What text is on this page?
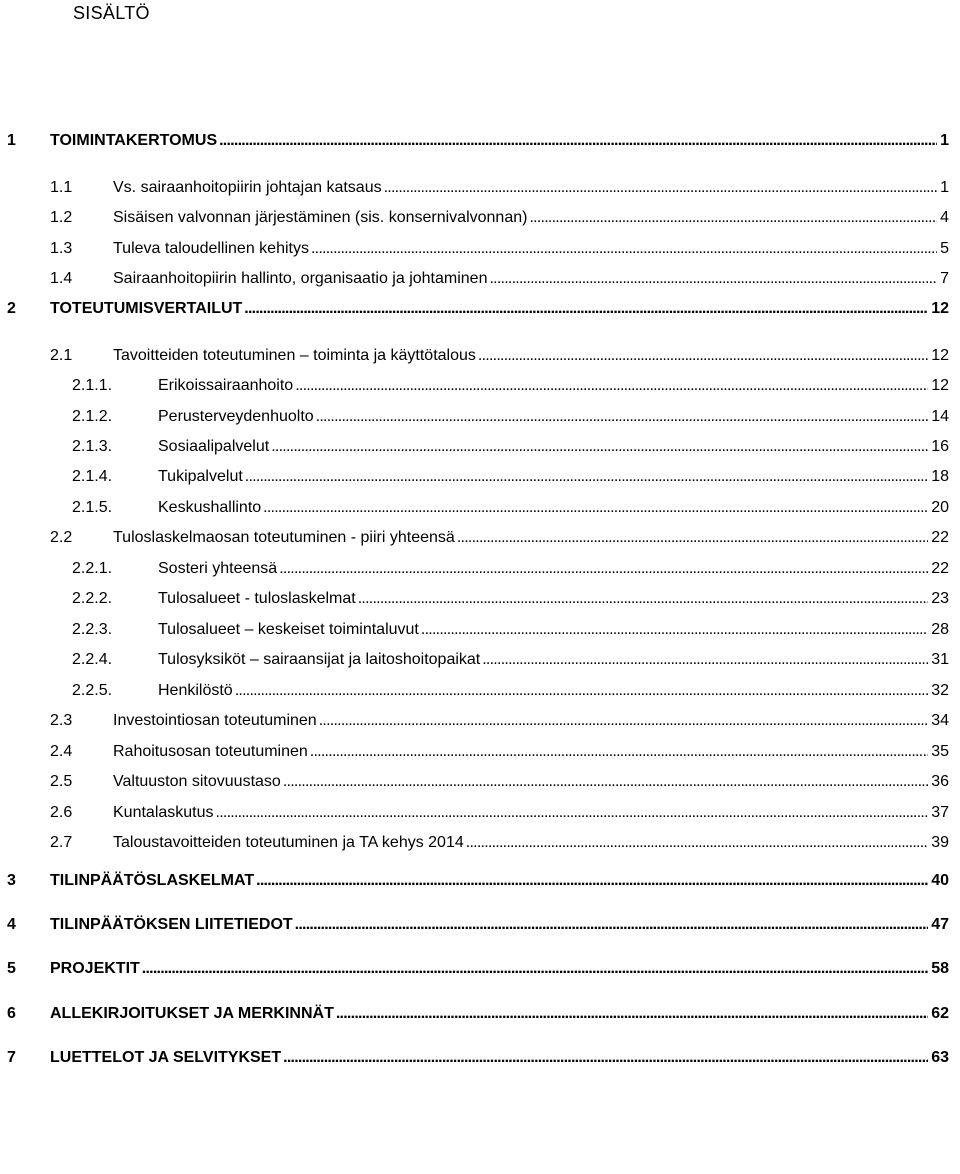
SISÄLTÖ
1 TOIMINTAKERTOMUS . . .	1
1.1	Vs. sairaanhoitopiirin johtajan katsaus . . .	1
1.2	Sisäisen valvonnan järjestäminen (sis. konsernivalvonnan) . . .	4
1.3	Tuleva taloudellinen kehitys . . .	5
1.4	Sairaanhoitopiirin hallinto, organisaatio ja johtaminen . . .	7
2 TOTEUTUMISVERTAILUT . . .	12
2.1	Tavoitteiden toteutuminen – toiminta ja käyttötalous . . .	12
2.1.1.	Erikoissairaanhoito . . .	12
2.1.2.	Perusterveydenhuolto . . .	14
2.1.3.	Sosiaalipalvelut . . .	16
2.1.4.	Tukipalvelut . . .	18
2.1.5.	Keskushallinto . . .	20
2.2	Tuloslaskelmaosan toteutuminen - piiri yhteensä . . .	22
2.2.1.	Sosteri yhteensä . . .	22
2.2.2.	Tulosalueet - tuloslaskelmat . . .	23
2.2.3.	Tulosalueet – keskeiset toimintaluvut . . .	28
2.2.4.	Tulosyksiköt – sairaansijat ja laitoshoitopaikat . . .	31
2.2.5.	Henkilöstö . . .	32
2.3	Investointiosan toteutuminen . . .	34
2.4	Rahoitusosan toteutuminen . . .	35
2.5	Valtuuston sitovuustaso . . .	36
2.6	Kuntalaskutus . . .	37
2.7	Taloustavoitteiden toteutuminen ja TA kehys 2014 . . .	39
3 TILINPÄÄTÖSLASKELMAT . . .	40
4 TILINPÄÄTÖKSEN LIITETIEDOT . . .	47
5 PROJEKTIT . . .	58
6 ALLEKIRJOITUKSET JA MERKINNÄT . . .	62
7 LUETTELOT JA SELVITYKSET . . .	63
